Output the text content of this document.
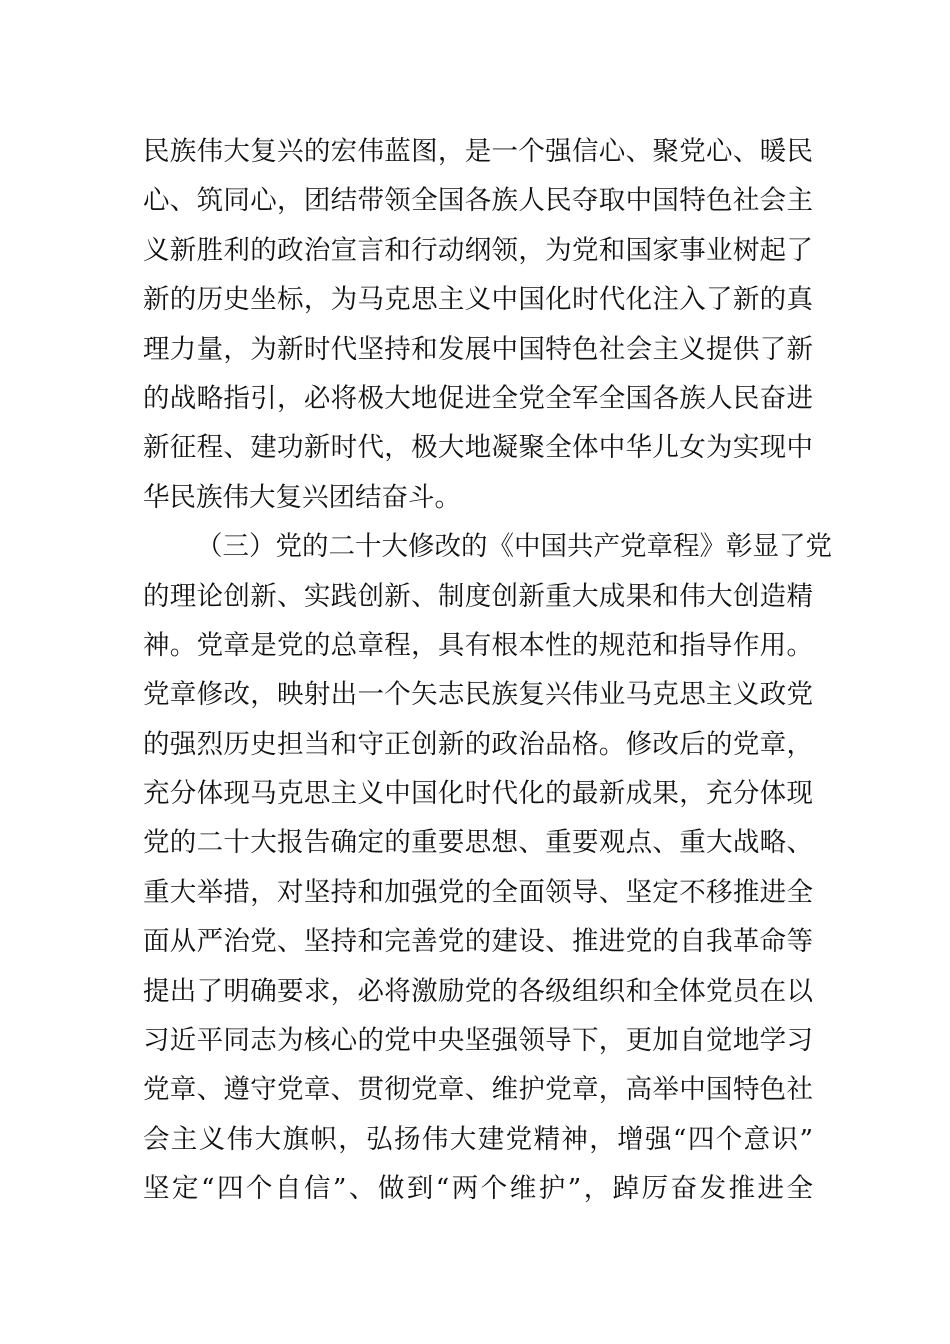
民族伟大复兴的宏伟蓝图，是一个强信心、聚党心、暖民
心、筑同心，团结带领全国各族人民夺取中国特色社会主
义新胜利的政治宣言和行动纲领，为党和国家事业树起了
新的历史坐标，为马克思主义中国化时代化注入了新的真
理力量，为新时代坚持和发展中国特色社会主义提供了新
的战略指引，必将极大地促进全党全军全国各族人民奋进
新征程、建功新时代，极大地凝聚全体中华儿女为实现中
华民族伟大复兴团结奋斗。
（三）党的二十大修改的《中国共产党章程》彰显了党
的理论创新、实践创新、制度创新重大成果和伟大创造精
神。党章是党的总章程，具有根本性的规范和指导作用。
党章修改，映射出一个矢志民族复兴伟业马克思主义政党
的强烈历史担当和守正创新的政治品格。修改后的党章，
充分体现马克思主义中国化时代化的最新成果，充分体现
党的二十大报告确定的重要思想、重要观点、重大战略、
重大举措，对坚持和加强党的全面领导、坚定不移推进全
面从严治党、坚持和完善党的建设、推进党的自我革命等
提出了明确要求，必将激励党的各级组织和全体党员在以
习近平同志为核心的党中央坚强领导下，更加自觉地学习
党章、遵守党章、贯彻党章、维护党章，高举中国特色社
会主义伟大旗帜，弘扬伟大建党精神，增强“四个意识”
坚定“四个自信”、做到“两个维护”，踔厉奋发推进全
